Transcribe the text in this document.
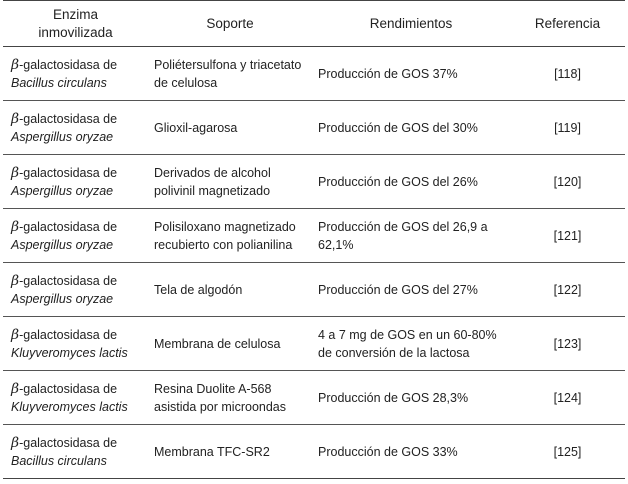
Enzima
inmovilizada	Soporte	Rendimientos	Referencia

β-galactosidasa de
Bacillus circulans	Poliétersulfona y triacetato de celulosa	Producción de GOS 37%	[118]

β-galactosidasa de
Aspergillus oryzae	Glioxil-agarosa	Producción de GOS del 30%	[119]

β-galactosidasa de
Aspergillus oryzae	Derivados de alcohol polivinil magnetizado	Producción de GOS del 26%	[120]

β-galactosidasa de
Aspergillus oryzae	Polisiloxano magnetizado recubierto con polianilina	Producción de GOS del 26,9 a 62,1%	[121]

β-galactosidasa de
Aspergillus oryzae	Tela de algodón	Producción de GOS del 27%	[122]

β-galactosidasa de
Kluyveromyces lactis	Membrana de celulosa	4 a 7 mg de GOS en un 60-80% de conversión de la lactosa	[123]

β-galactosidasa de
Kluyveromyces lactis	Resina Duolite A-568 asistida por microondas	Producción de GOS 28,3%	[124]

β-galactosidasa de
Bacillus circulans	Membrana TFC-SR2	Producción de GOS 33%	[125]
